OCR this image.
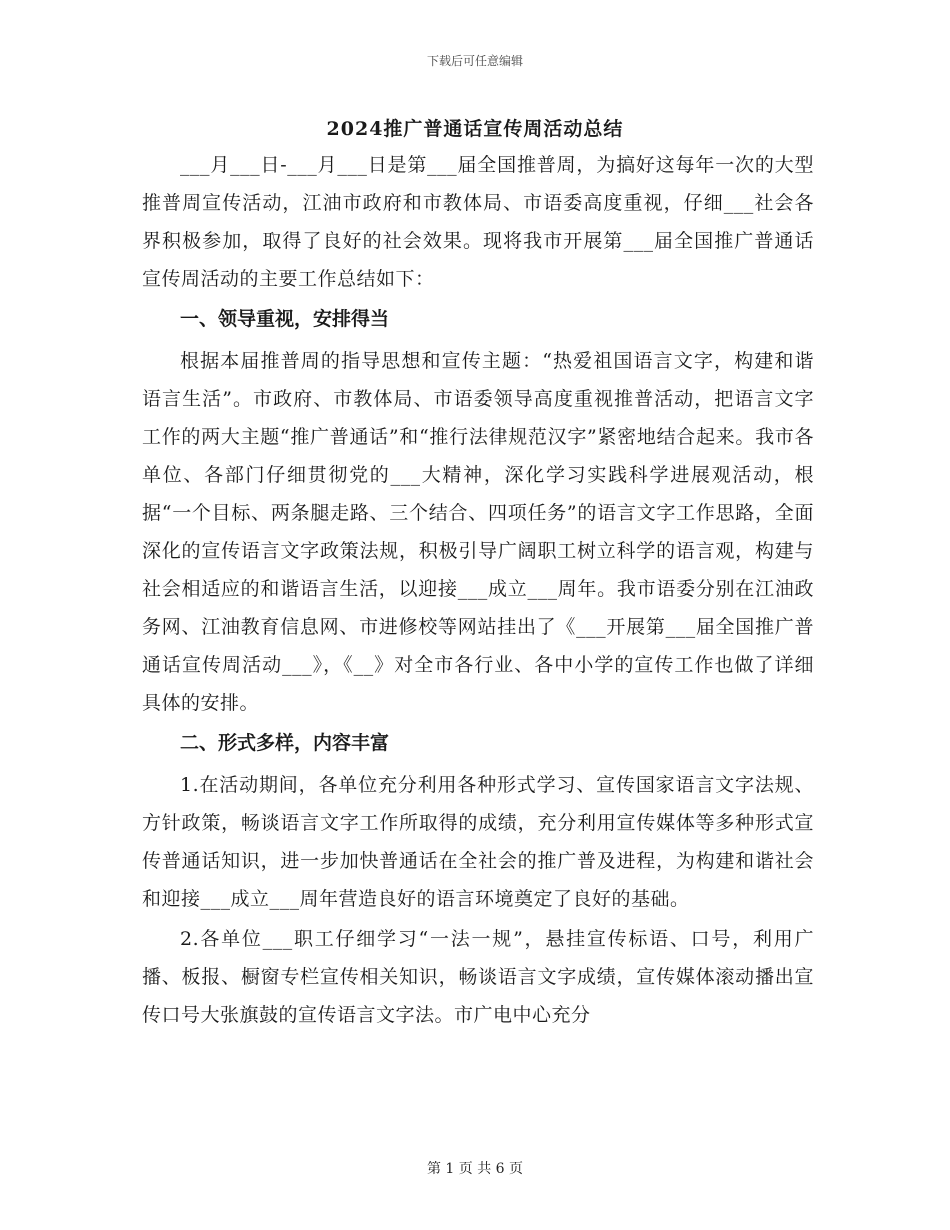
下载后可任意编辑
2024推广普通话宣传周活动总结

___月___日-___月___日是第___届全国推普周，为搞好这每年一次的大型推普周宣传活动，江油市政府和市教体局、市语委高度重视，仔细___社会各界积极参加，取得了良好的社会效果。现将我市开展第___届全国推广普通话宣传周活动的主要工作总结如下：

一、领导重视，安排得当

根据本届推普周的指导思想和宣传主题：“热爱祖国语言文字，构建和谐语言生活”。市政府、市教体局、市语委领导高度重视推普活动，把语言文字工作的两大主题“推广普通话”和“推行法律规范汉字”紧密地结合起来。我市各单位、各部门仔细贯彻党的___大精神，深化学习实践科学进展观活动，根据“一个目标、两条腿走路、三个结合、四项任务”的语言文字工作思路，全面深化的宣传语言文字政策法规，积极引导广阔职工树立科学的语言观，构建与社会相适应的和谐语言生活，以迎接___成立___周年。我市语委分别在江油政务网、江油教育信息网、市进修校等网站挂出了《___开展第___届全国推广普通话宣传周活动___》，《__》对全市各行业、各中小学的宣传工作也做了详细具体的安排。

二、形式多样，内容丰富

1.在活动期间，各单位充分利用各种形式学习、宣传国家语言文字法规、方针政策，畅谈语言文字工作所取得的成绩，充分利用宣传媒体等多种形式宣传普通话知识，进一步加快普通话在全社会的推广普及进程，为构建和谐社会和迎接___成立___周年营造良好的语言环境奠定了良好的基础。

2.各单位___职工仔细学习“一法一规”，悬挂宣传标语、口号，利用广播、板报、橱窗专栏宣传相关知识，畅谈语言文字成绩，宣传媒体滚动播出宣传口号大张旗鼓的宣传语言文字法。市广电中心充分

第 1 页 共 6 页
